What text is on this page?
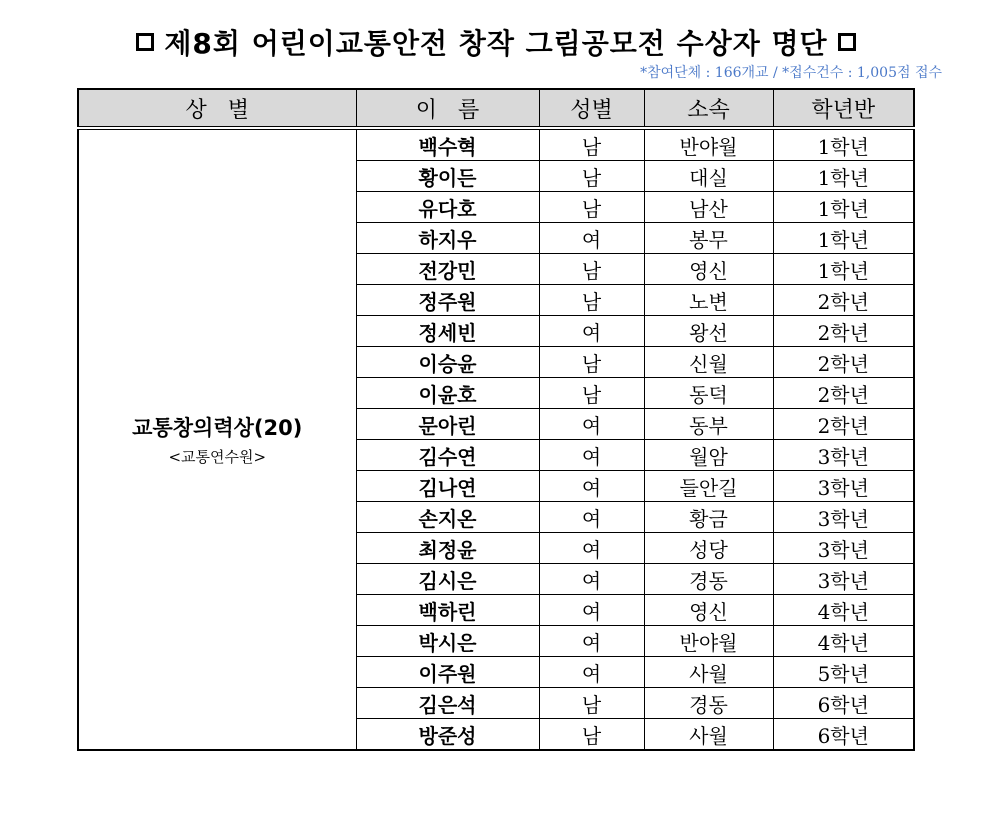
제8회 어린이교통안전 창작 그림공모전 수상자 명단
*참여단체 : 166개교 / *접수건수 : 1,005점 접수
상   별	이   름	성별	소속	학년반

교통창의력상(20)
<교통연수원>	백수혁	남	반야월	1학년
	황이든	남	대실	1학년
	유다호	남	남산	1학년
	하지우	여	봉무	1학년
	전강민	남	영신	1학년
	정주원	남	노변	2학년
	정세빈	여	왕선	2학년
	이승윤	남	신월	2학년
	이윤호	남	동덕	2학년
	문아린	여	동부	2학년
	김수연	여	월암	3학년
	김나연	여	들안길	3학년
	손지온	여	황금	3학년
	최정윤	여	성당	3학년
	김시은	여	경동	3학년
	백하린	여	영신	4학년
	박시은	여	반야월	4학년
	이주원	여	사월	5학년
	김은석	남	경동	6학년
	방준성	남	사월	6학년
